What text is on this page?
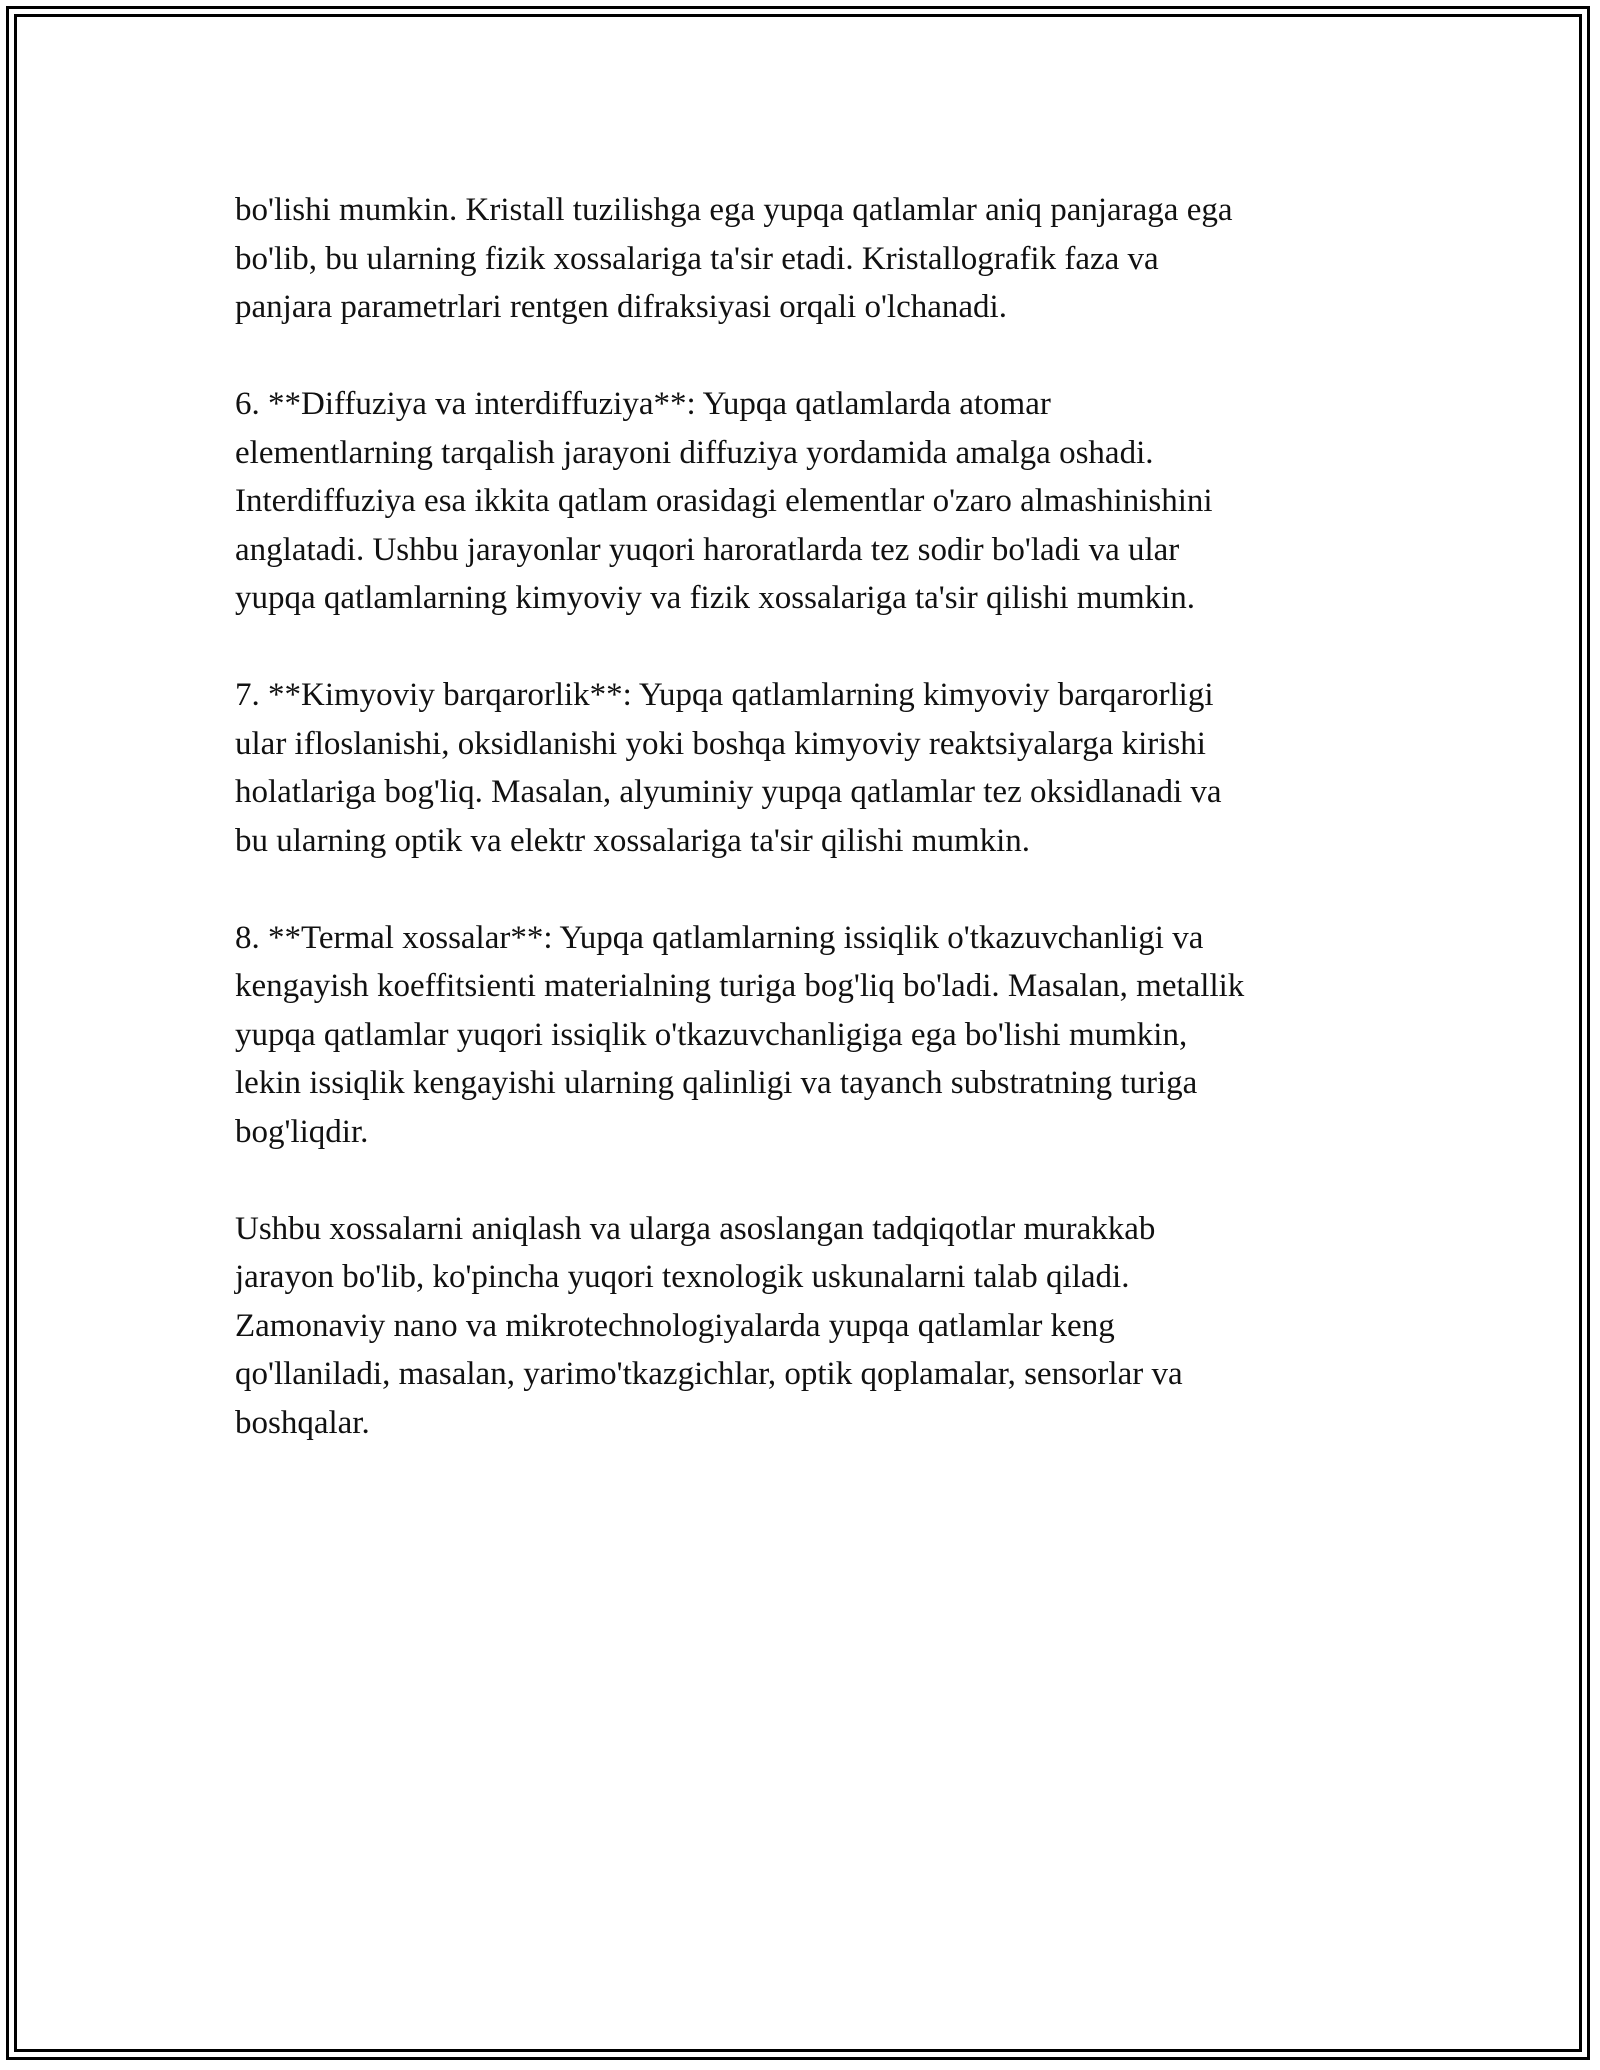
bo'lishi mumkin. Kristall tuzilishga ega yupqa qatlamlar aniq panjaraga ega
bo'lib, bu ularning fizik xossalariga ta'sir etadi. Kristallografik faza va
panjara parametrlari rentgen difraksiyasi orqali o'lchanadi.

6. **Diffuziya va interdiffuziya**: Yupqa qatlamlarda atomar
elementlarning tarqalish jarayoni diffuziya yordamida amalga oshadi.
Interdiffuziya esa ikkita qatlam orasidagi elementlar o'zaro almashinishini
anglatadi. Ushbu jarayonlar yuqori haroratlarda tez sodir bo'ladi va ular
yupqa qatlamlarning kimyoviy va fizik xossalariga ta'sir qilishi mumkin.

7. **Kimyoviy barqarorlik**: Yupqa qatlamlarning kimyoviy barqarorligi
ular ifloslanishi, oksidlanishi yoki boshqa kimyoviy reaktsiyalarga kirishi
holatlariga bog'liq. Masalan, alyuminiy yupqa qatlamlar tez oksidlanadi va
bu ularning optik va elektr xossalariga ta'sir qilishi mumkin.

8. **Termal xossalar**: Yupqa qatlamlarning issiqlik o'tkazuvchanligi va
kengayish koeffitsienti materialning turiga bog'liq bo'ladi. Masalan, metallik
yupqa qatlamlar yuqori issiqlik o'tkazuvchanligiga ega bo'lishi mumkin,
lekin issiqlik kengayishi ularning qalinligi va tayanch substratning turiga
bog'liqdir.

Ushbu xossalarni aniqlash va ularga asoslangan tadqiqotlar murakkab
jarayon bo'lib, ko'pincha yuqori texnologik uskunalarni talab qiladi.
Zamonaviy nano va mikrotechnologiyalarda yupqa qatlamlar keng
qo'llaniladi, masalan, yarimo'tkazgichlar, optik qoplamalar, sensorlar va
boshqalar.
